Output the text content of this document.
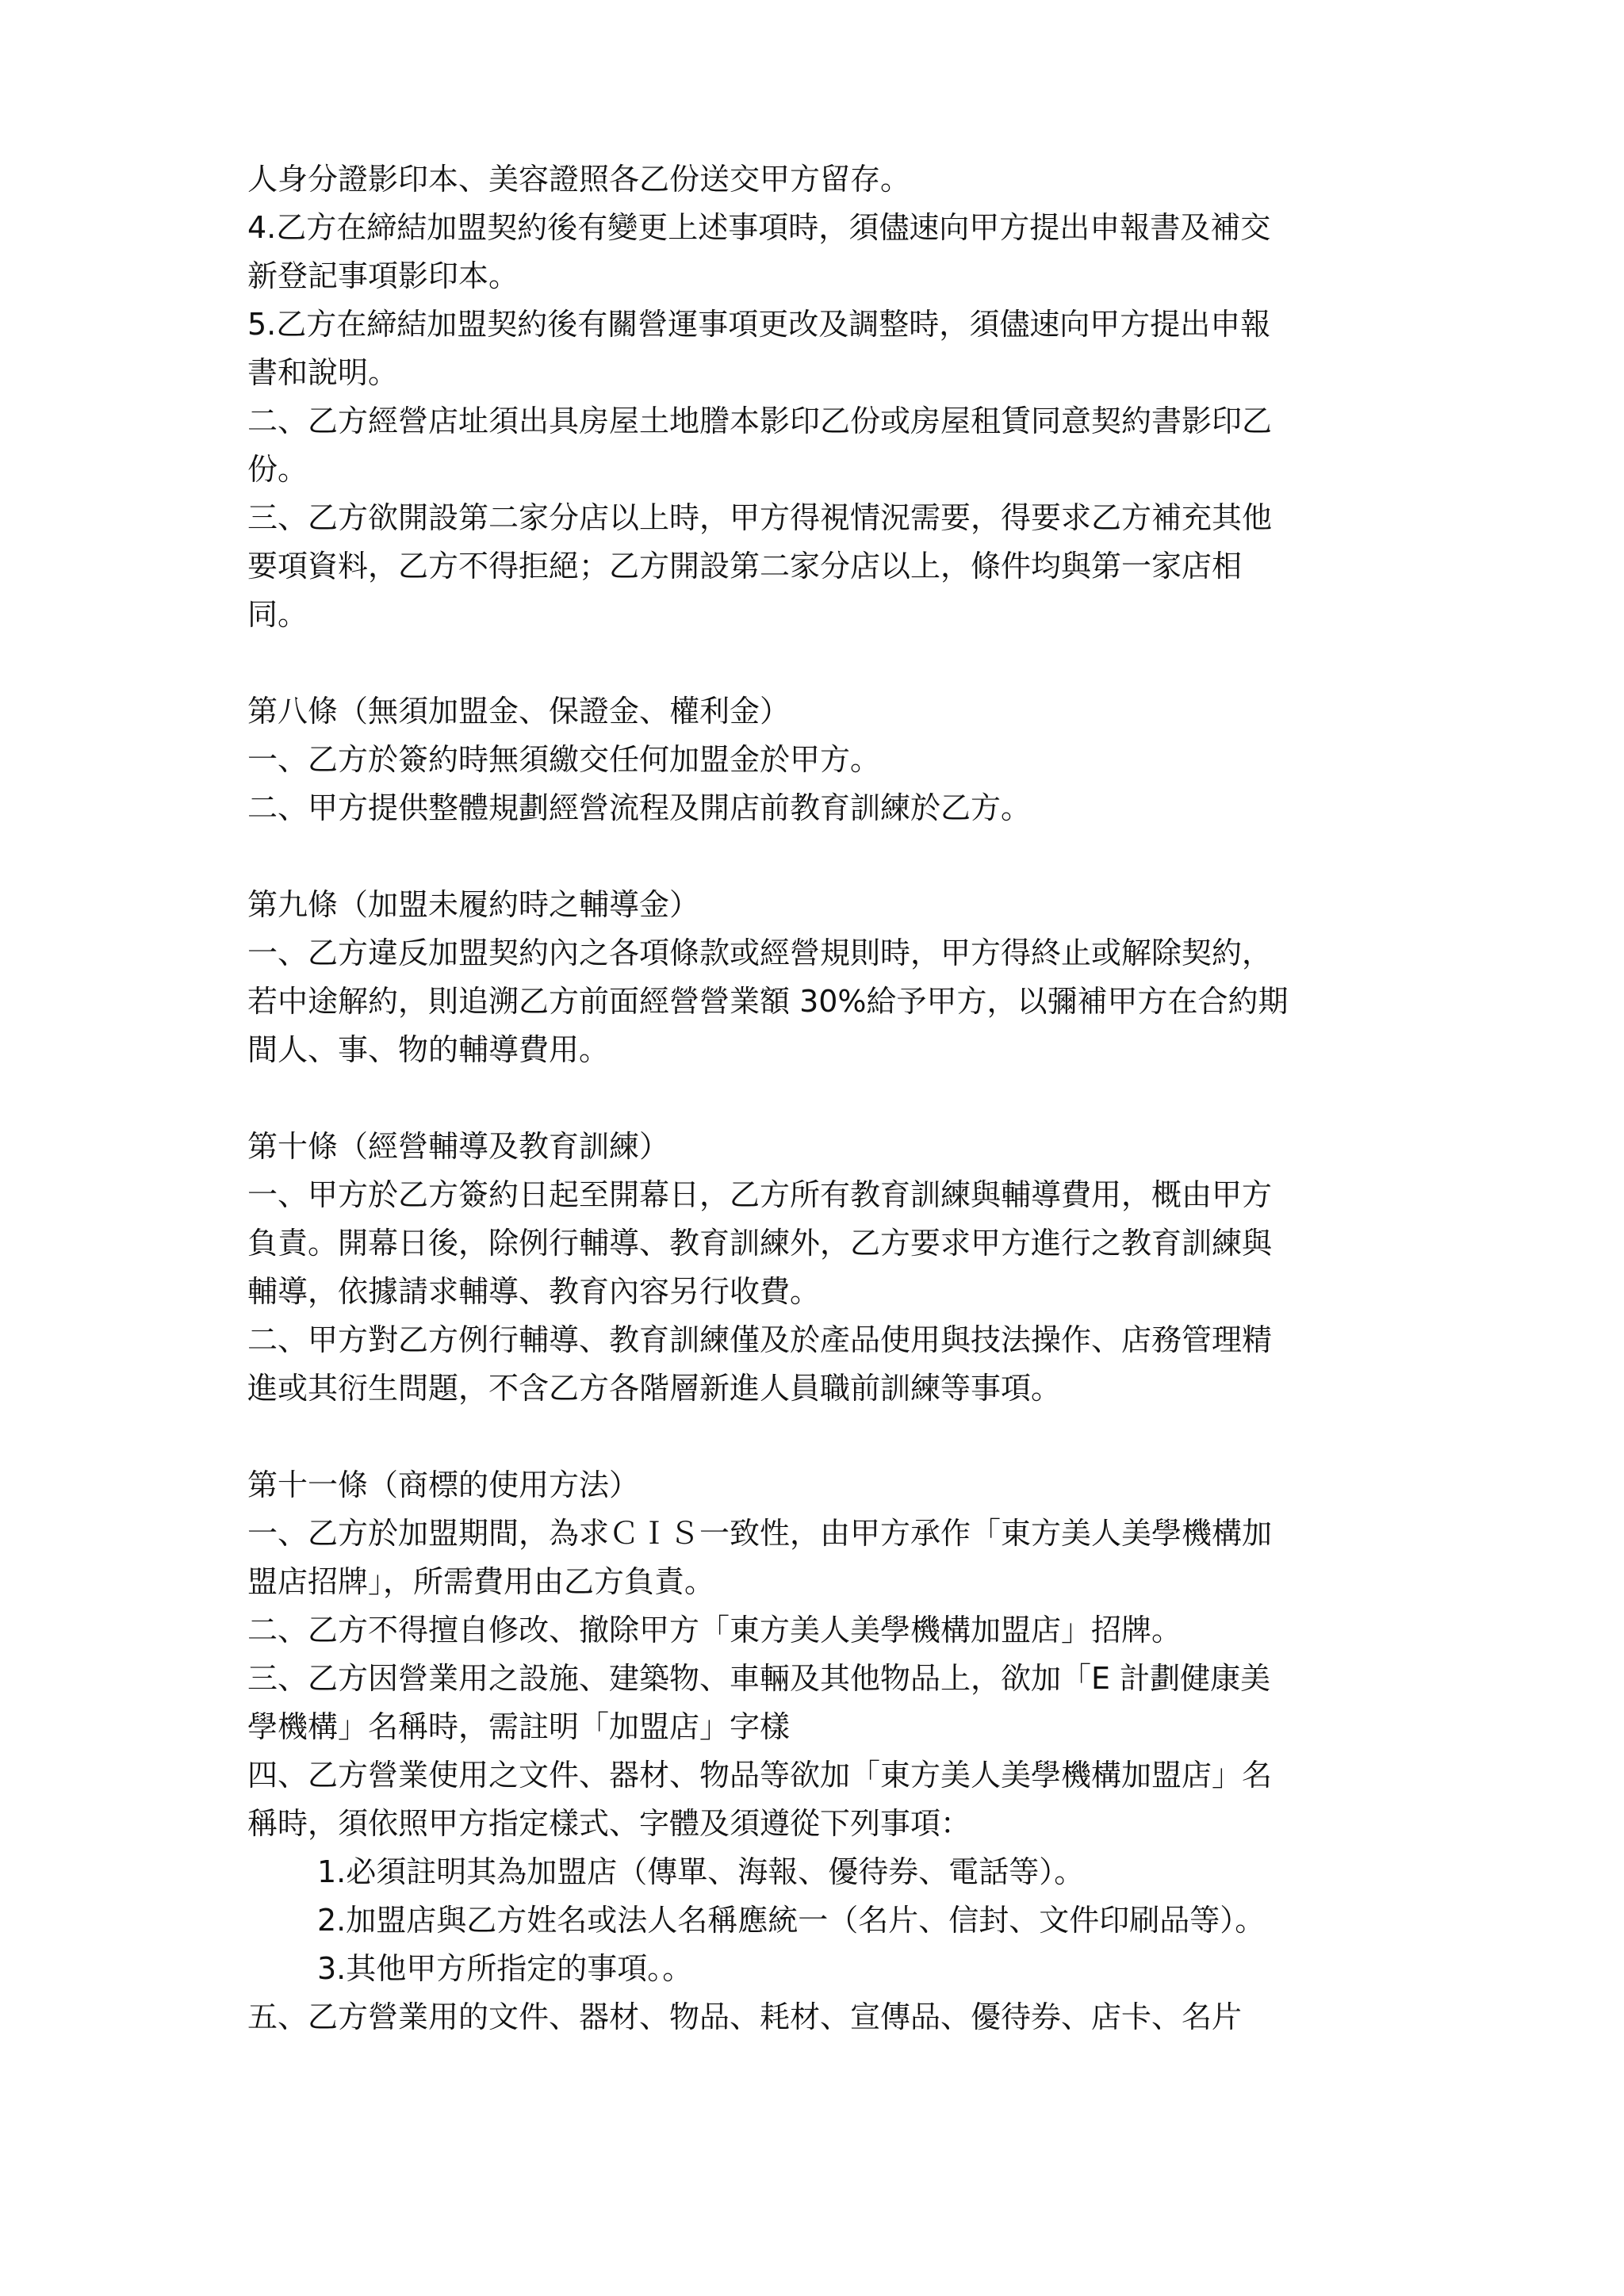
人身分證影印本、美容證照各乙份送交甲方留存。

4.乙方在締結加盟契約後有變更上述事項時，須儘速向甲方提出申報書及補交

新登記事項影印本。

5.乙方在締結加盟契約後有關營運事項更改及調整時，須儘速向甲方提出申報

書和說明。

二、乙方經營店址須出具房屋土地謄本影印乙份或房屋租賃同意契約書影印乙

份。

三、乙方欲開設第二家分店以上時，甲方得視情況需要，得要求乙方補充其他

要項資料，乙方不得拒絕；乙方開設第二家分店以上，條件均與第一家店相

同。

第八條（無須加盟金、保證金、權利金）

一、乙方於簽約時無須繳交任何加盟金於甲方。

二、甲方提供整體規劃經營流程及開店前教育訓練於乙方。

第九條（加盟未履約時之輔導金）

一、乙方違反加盟契約內之各項條款或經營規則時，甲方得終止或解除契約，

若中途解約，則追溯乙方前面經營營業額 30%給予甲方，以彌補甲方在合約期

間人、事、物的輔導費用。

第十條（經營輔導及教育訓練）

一、甲方於乙方簽約日起至開幕日，乙方所有教育訓練與輔導費用，概由甲方

負責。開幕日後，除例行輔導、教育訓練外，乙方要求甲方進行之教育訓練與

輔導，依據請求輔導、教育內容另行收費。

二、甲方對乙方例行輔導、教育訓練僅及於產品使用與技法操作、店務管理精

進或其衍生問題，不含乙方各階層新進人員職前訓練等事項。

第十一條（商標的使用方法）

一、乙方於加盟期間，為求ＣＩＳ一致性，由甲方承作「東方美人美學機構加

盟店招牌」，所需費用由乙方負責。

二、乙方不得擅自修改、撤除甲方「東方美人美學機構加盟店」招牌。

三、乙方因營業用之設施、建築物、車輛及其他物品上，欲加「E 計劃健康美

學機構」名稱時，需註明「加盟店」字樣

四、乙方營業使用之文件、器材、物品等欲加「東方美人美學機構加盟店」名

稱時，須依照甲方指定樣式、字體及須遵從下列事項：

1.必須註明其為加盟店（傳單、海報、優待券、電話等）。

2.加盟店與乙方姓名或法人名稱應統一（名片、信封、文件印刷品等）。

3.其他甲方所指定的事項。。

五、乙方營業用的文件、器材、物品、耗材、宣傳品、優待券、店卡、名片
